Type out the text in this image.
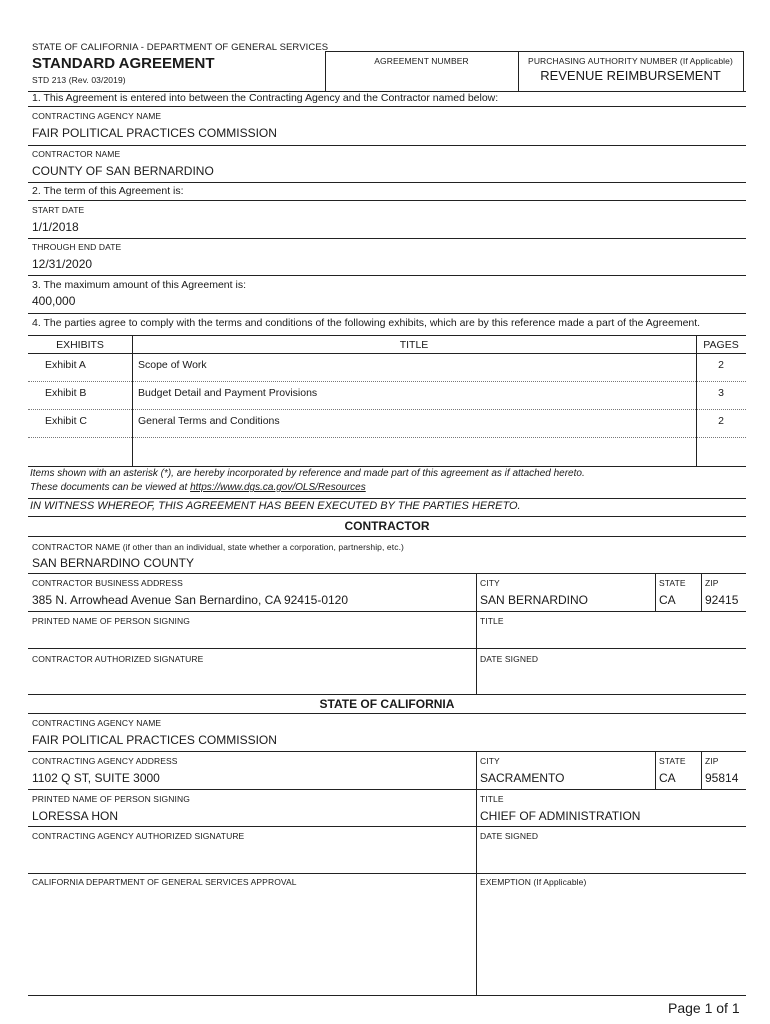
STATE OF CALIFORNIA - DEPARTMENT OF GENERAL SERVICES
STANDARD AGREEMENT
STD 213 (Rev. 03/2019)
AGREEMENT NUMBER	PURCHASING AUTHORITY NUMBER (If Applicable)
REVENUE REIMBURSEMENT
1. This Agreement is entered into between the Contracting Agency and the Contractor named below:
CONTRACTING AGENCY NAME
FAIR POLITICAL PRACTICES COMMISSION
CONTRACTOR NAME
COUNTY OF SAN BERNARDINO
2. The term of this Agreement is:
START DATE
1/1/2018
THROUGH END DATE
12/31/2020
3. The maximum amount of this Agreement is:
400,000
4. The parties agree to comply with the terms and conditions of the following exhibits, which are by this reference made a part of the Agreement.
EXHIBITS	TITLE	PAGES
Exhibit A	Scope of Work	2
Exhibit B	Budget Detail and Payment Provisions	3
Exhibit C	General Terms and Conditions	2
Items shown with an asterisk (*), are hereby incorporated by reference and made part of this agreement as if attached hereto.
These documents can be viewed at https://www.dgs.ca.gov/OLS/Resources
IN WITNESS WHEREOF, THIS AGREEMENT HAS BEEN EXECUTED BY THE PARTIES HERETO.
CONTRACTOR
CONTRACTOR NAME (if other than an individual, state whether a corporation, partnership, etc.)
SAN BERNARDINO COUNTY
CONTRACTOR BUSINESS ADDRESS
385 N. Arrowhead Avenue San Bernardino, CA 92415-0120
CITY
SAN BERNARDINO
STATE
CA
ZIP
92415
PRINTED NAME OF PERSON SIGNING	TITLE
CONTRACTOR AUTHORIZED SIGNATURE	DATE SIGNED
STATE OF CALIFORNIA
CONTRACTING AGENCY NAME
FAIR POLITICAL PRACTICES COMMISSION
CONTRACTING AGENCY ADDRESS
1102 Q ST, SUITE 3000
CITY
SACRAMENTO
STATE
CA
ZIP
95814
PRINTED NAME OF PERSON SIGNING
LORESSA HON
TITLE
CHIEF OF ADMINISTRATION
CONTRACTING AGENCY AUTHORIZED SIGNATURE	DATE SIGNED
CALIFORNIA DEPARTMENT OF GENERAL SERVICES APPROVAL	EXEMPTION (If Applicable)
Page 1 of 1
